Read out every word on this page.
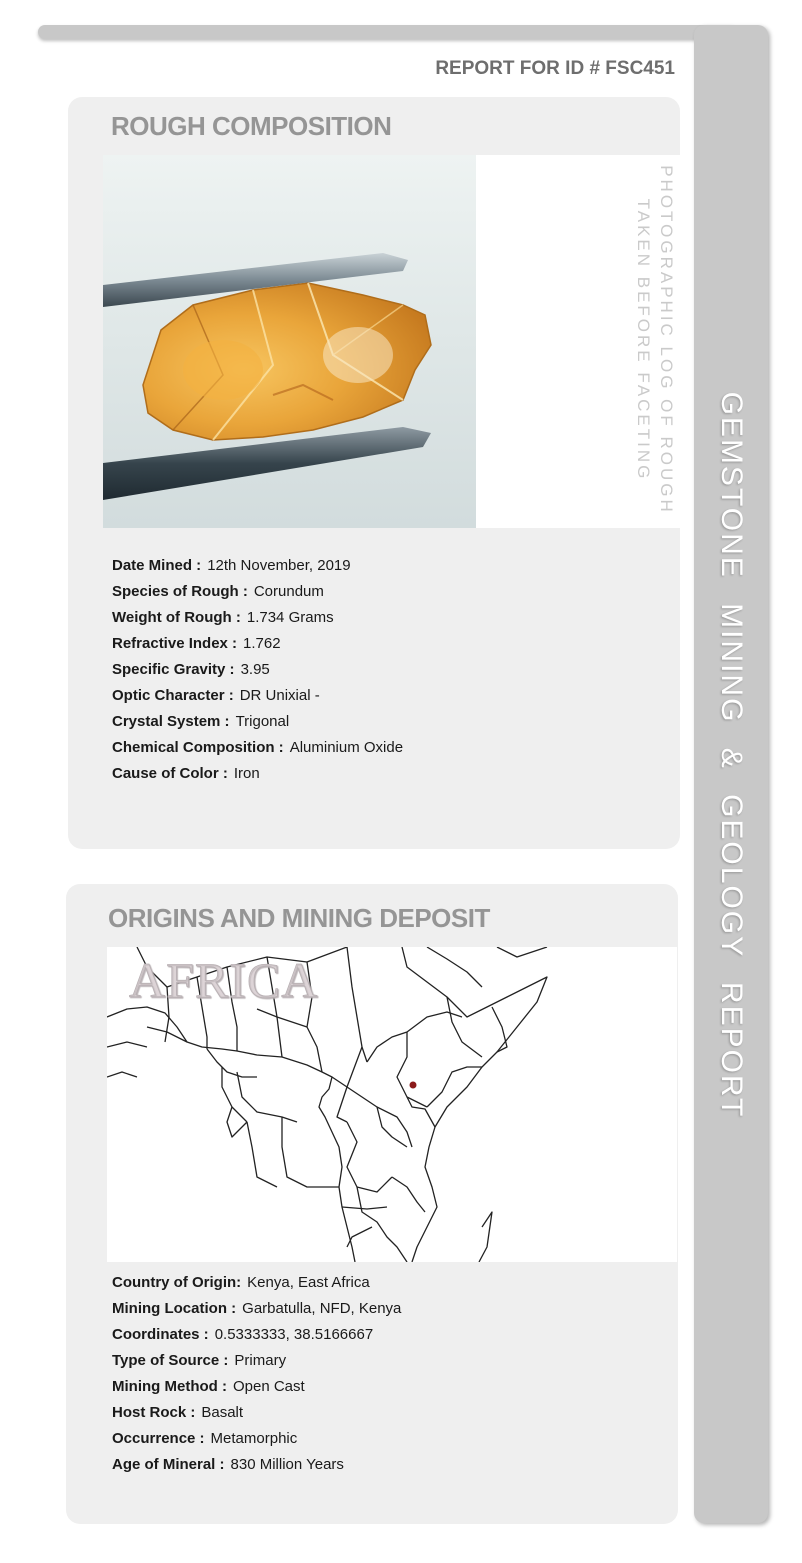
GEMSTONE MINING & GEOLOGY REPORT
REPORT FOR ID # FSC451
ROUGH COMPOSITION
PHOTOGRAPHIC LOG OF ROUGH
TAKEN BEFORE FACETING
Date Mined : 12th November, 2019
Species of Rough : Corundum
Weight of Rough : 1.734 Grams
Refractive Index : 1.762
Specific Gravity : 3.95
Optic Character : DR Unixial -
Crystal System : Trigonal
Chemical Composition : Aluminium Oxide
Cause of Color : Iron
ORIGINS AND MINING DEPOSIT
AFRICA
Country of Origin: Kenya, East Africa
Mining Location : Garbatulla, NFD, Kenya
Coordinates : 0.5333333, 38.5166667
Type of Source : Primary
Mining Method : Open Cast
Host Rock : Basalt
Occurrence : Metamorphic
Age of Mineral : 830 Million Years
